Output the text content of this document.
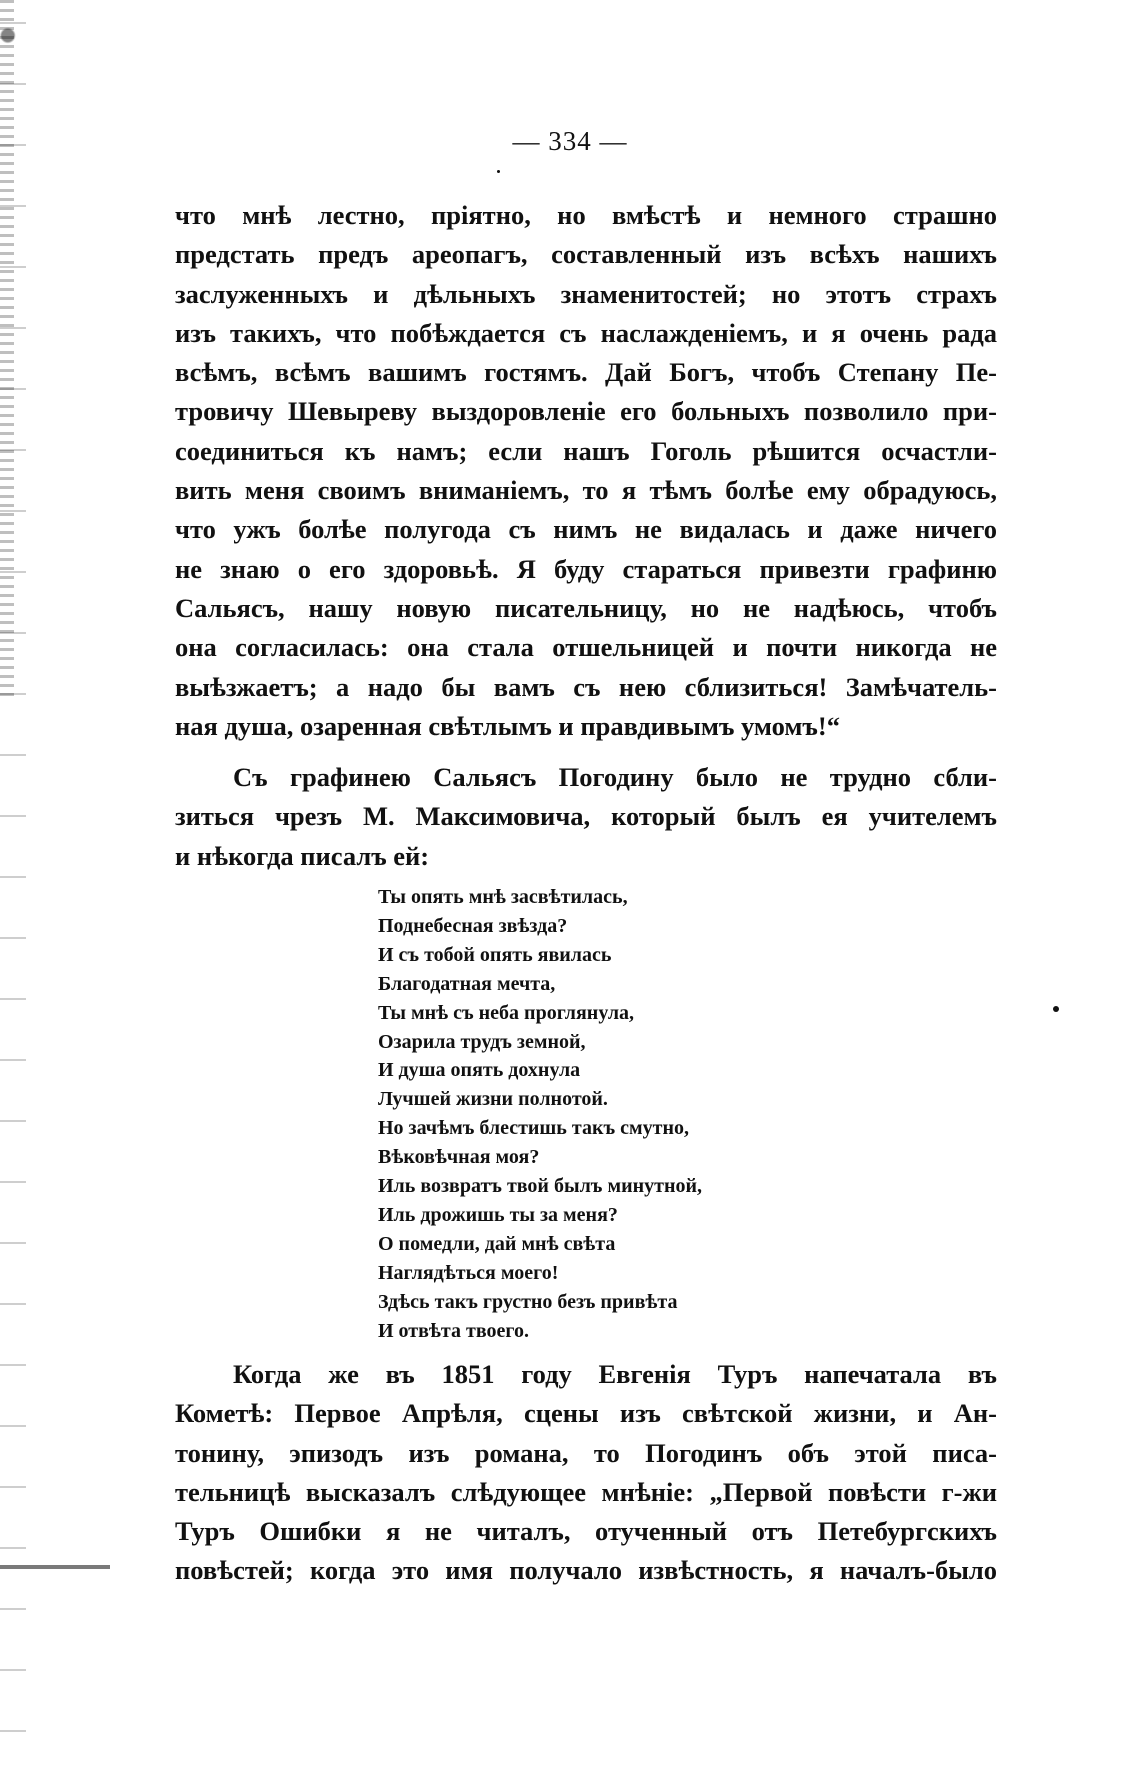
— 334 —
что мнѣ лестно, пріятно, но вмѣстѣ и немного страшно
предстать предъ ареопагъ, составленный изъ всѣхъ нашихъ
заслуженныхъ и дѣльныхъ знаменитостей; но этотъ страхъ
изъ такихъ, что побѣждается съ наслажденіемъ, и я очень рада
всѣмъ, всѣмъ вашимъ гостямъ. Дай Богъ, чтобъ Степану Пе-
тровичу Шевыреву выздоровленіе его больныхъ позволило при-
соединиться къ намъ; если нашъ Гоголь рѣшится осчастли-
вить меня своимъ вниманіемъ, то я тѣмъ болѣе ему обрадуюсь,
что ужъ болѣе полугода съ нимъ не видалась и даже ничего
не знаю о его здоровьѣ. Я буду стараться привезти графиню
Сальясъ, нашу новую писательницу, но не надѣюсь, чтобъ
она согласилась: она стала отшельницей и почти никогда не
выѣзжаетъ; а надо бы вамъ съ нею сблизиться! Замѣчатель-
ная душа, озаренная свѣтлымъ и правдивымъ умомъ!“
Съ графинею Сальясъ Погодину было не трудно сбли-
зиться чрезъ М. Максимовича, который былъ ея учителемъ
и нѣкогда писалъ ей:
Ты опять мнѣ засвѣтилась,
Поднебесная звѣзда?
И съ тобой опять явилась
Благодатная мечта,
Ты мнѣ съ неба проглянула,
Озарила трудъ земной,
И душа опять дохнула
Лучшей жизни полнотой.
Но зачѣмъ блестишь такъ смутно,
Вѣковѣчная моя?
Иль возвратъ твой былъ минутной,
Иль дрожишь ты за меня?
О помедли, дай мнѣ свѣта
Наглядѣться моего!
Здѣсь такъ грустно безъ привѣта
И отвѣта твоего.
Когда же въ 1851 году Евгенія Туръ напечатала въ
Кометѣ: Первое Апрѣля, сцены изъ свѣтской жизни, и Ан-
тонину, эпизодъ изъ романа, то Погодинъ объ этой писа-
тельницѣ высказалъ слѣдующее мнѣніе: „Первой повѣсти г-жи
Туръ Ошибки я не читалъ, отученный отъ Петебургскихъ
повѣстей; когда это имя получало извѣстность, я началъ-было
